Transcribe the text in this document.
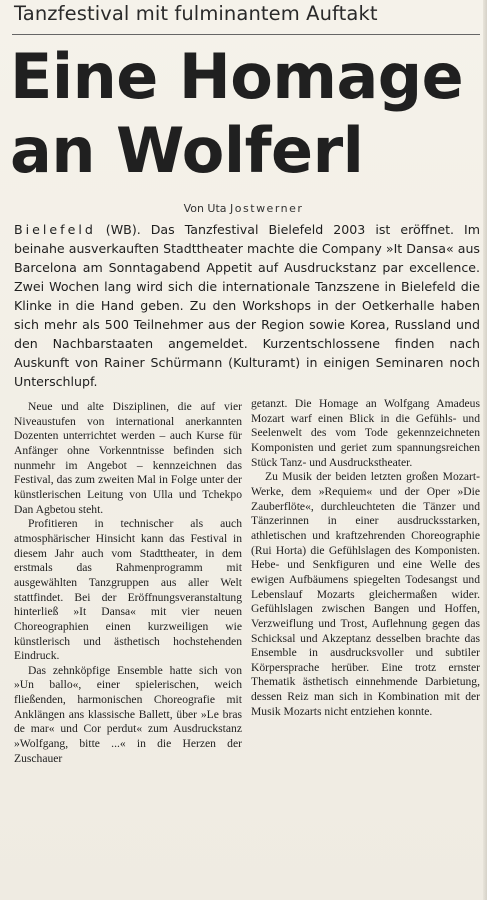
Tanzfestival mit fulminantem Auftakt
Eine Homage
an Wolferl
Von Uta Jostwerner
Bielefeld (WB). Das Tanzfestival Bielefeld 2003 ist eröffnet. Im beinahe ausverkauften Stadttheater machte die Company »It Dansa« aus Barcelona am Sonntagabend Appetit auf Ausdruckstanz par excellence. Zwei Wochen lang wird sich die internationale Tanzszene in Bielefeld die Klinke in die Hand geben. Zu den Workshops in der Oetkerhalle haben sich mehr als 500 Teilnehmer aus der Region sowie Korea, Russland und den Nachbarstaaten angemeldet. Kurzentschlossene finden nach Auskunft von Rainer Schürmann (Kulturamt) in einigen Seminaren noch Unterschlupf.

Neue und alte Disziplinen, die auf vier Niveaustufen von international anerkannten Dozenten unterrichtet werden – auch Kurse für Anfänger ohne Vorkenntnisse befinden sich nunmehr im Angebot – kennzeichnen das Festival, das zum zweiten Mal in Folge unter der künstlerischen Leitung von Ulla und Tchekpo Dan Agbetou steht.

Profitieren in technischer als auch atmosphärischer Hinsicht kann das Festival in diesem Jahr auch vom Stadttheater, in dem erstmals das Rahmenprogramm mit ausgewählten Tanzgruppen aus aller Welt stattfindet. Bei der Eröffnungsveranstaltung hinterließ »It Dansa« mit vier neuen Choreographien einen kurzweiligen wie künstlerisch und ästhetisch hochstehenden Eindruck.

Das zehnköpfige Ensemble hatte sich von »Un ballo«, einer spielerischen, weich fließenden, harmonischen Choreografie mit Anklängen ans klassische Ballett, über »Le bras de mar« und Cor perdut« zum Ausdruckstanz »Wolfgang, bitte ...« in die Herzen der Zuschauer

getanzt. Die Homage an Wolfgang Amadeus Mozart warf einen Blick in die Gefühls- und Seelenwelt des vom Tode gekennzeichneten Komponisten und geriet zum spannungsreichen Stück Tanz- und Ausdruckstheater.

Zu Musik der beiden letzten großen Mozart-Werke, dem »Requiem« und der Oper »Die Zauberflöte«, durchleuchteten die Tänzer und Tänzerinnen in einer ausdrucksstarken, athletischen und kraftzehrenden Choreographie (Rui Horta) die Gefühlslagen des Komponisten. Hebe- und Senkfiguren und eine Welle des ewigen Aufbäumens spiegelten Todesangst und Lebenslauf Mozarts gleichermaßen wider. Gefühlslagen zwischen Bangen und Hoffen, Verzweiflung und Trost, Auflehnung gegen das Schicksal und Akzeptanz desselben brachte das Ensemble in ausdrucksvoller und subtiler Körpersprache herüber. Eine trotz ernster Thematik ästhetisch einnehmende Darbietung, dessen Reiz man sich in Kombination mit der Musik Mozarts nicht entziehen konnte.
